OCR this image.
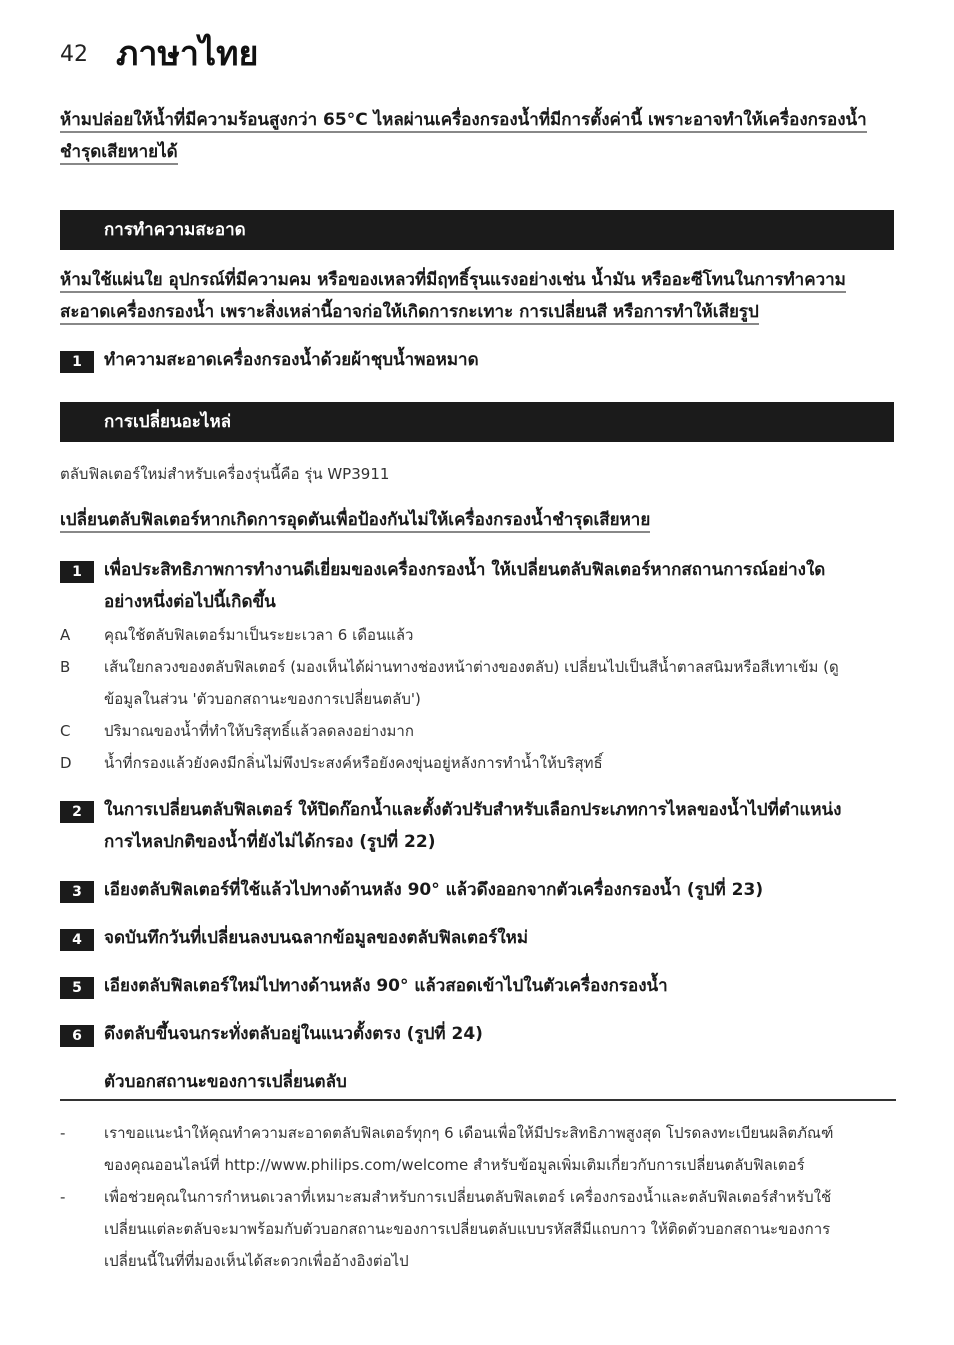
42 ภาษาไทย
ห้ามปล่อยให้น้ำที่มีความร้อนสูงกว่า 65°C ไหลผ่านเครื่องกรองน้ำที่มีการตั้งค่านี้ เพราะอาจทำให้เครื่องกรองน้ำ
ชำรุดเสียหายได้
การทำความสะอาด
ห้ามใช้แผ่นใย อุปกรณ์ที่มีความคม หรือของเหลวที่มีฤทธิ์รุนแรงอย่างเช่น น้ำมัน หรืออะซีโทนในการทำความ
สะอาดเครื่องกรองน้ำ เพราะสิ่งเหล่านี้อาจก่อให้เกิดการกะเทาะ การเปลี่ยนสี หรือการทำให้เสียรูป
1	ทำความสะอาดเครื่องกรองน้ำด้วยผ้าชุบน้ำพอหมาด
การเปลี่ยนอะไหล่
ตลับฟิลเตอร์ใหม่สำหรับเครื่องรุ่นนี้คือ รุ่น WP3911
เปลี่ยนตลับฟิลเตอร์หากเกิดการอุดตันเพื่อป้องกันไม่ให้เครื่องกรองน้ำชำรุดเสียหาย
1	เพื่อประสิทธิภาพการทำงานดีเยี่ยมของเครื่องกรองน้ำ ให้เปลี่ยนตลับฟิลเตอร์หากสถานการณ์อย่างใด
อย่างหนึ่งต่อไปนี้เกิดขึ้น
A คุณใช้ตลับฟิลเตอร์มาเป็นระยะเวลา 6 เดือนแล้ว
B เส้นใยกลวงของตลับฟิลเตอร์ (มองเห็นได้ผ่านทางช่องหน้าต่างของตลับ) เปลี่ยนไปเป็นสีน้ำตาลสนิมหรือสีเทาเข้ม (ดู
ข้อมูลในส่วน 'ตัวบอกสถานะของการเปลี่ยนตลับ')
C ปริมาณของน้ำที่ทำให้บริสุทธิ์แล้วลดลงอย่างมาก
D น้ำที่กรองแล้วยังคงมีกลิ่นไม่พึงประสงค์หรือยังคงขุ่นอยู่หลังการทำน้ำให้บริสุทธิ์
2	ในการเปลี่ยนตลับฟิลเตอร์ ให้ปิดก๊อกน้ำและตั้งตัวปรับสำหรับเลือกประเภทการไหลของน้ำไปที่ตำแหน่ง
การไหลปกติของน้ำที่ยังไม่ได้กรอง (รูปที่ 22)
3	เอียงตลับฟิลเตอร์ที่ใช้แล้วไปทางด้านหลัง 90° แล้วดึงออกจากตัวเครื่องกรองน้ำ (รูปที่ 23)
4	จดบันทึกวันที่เปลี่ยนลงบนฉลากข้อมูลของตลับฟิลเตอร์ใหม่
5	เอียงตลับฟิลเตอร์ใหม่ไปทางด้านหลัง 90° แล้วสอดเข้าไปในตัวเครื่องกรองน้ำ
6	ดึงตลับขึ้นจนกระทั่งตลับอยู่ในแนวตั้งตรง (รูปที่ 24)
ตัวบอกสถานะของการเปลี่ยนตลับ
-	เราขอแนะนำให้คุณทำความสะอาดตลับฟิลเตอร์ทุกๆ 6 เดือนเพื่อให้มีประสิทธิภาพสูงสุด โปรดลงทะเบียนผลิตภัณฑ์
ของคุณออนไลน์ที่ http://www.philips.com/welcome สำหรับข้อมูลเพิ่มเติมเกี่ยวกับการเปลี่ยนตลับฟิลเตอร์
-	เพื่อช่วยคุณในการกำหนดเวลาที่เหมาะสมสำหรับการเปลี่ยนตลับฟิลเตอร์ เครื่องกรองน้ำและตลับฟิลเตอร์สำหรับใช้
เปลี่ยนแต่ละตลับจะมาพร้อมกับตัวบอกสถานะของการเปลี่ยนตลับแบบรหัสสีมีแถบกาว ให้ติดตัวบอกสถานะของการ
เปลี่ยนนี้ในที่ที่มองเห็นได้สะดวกเพื่ออ้างอิงต่อไป
